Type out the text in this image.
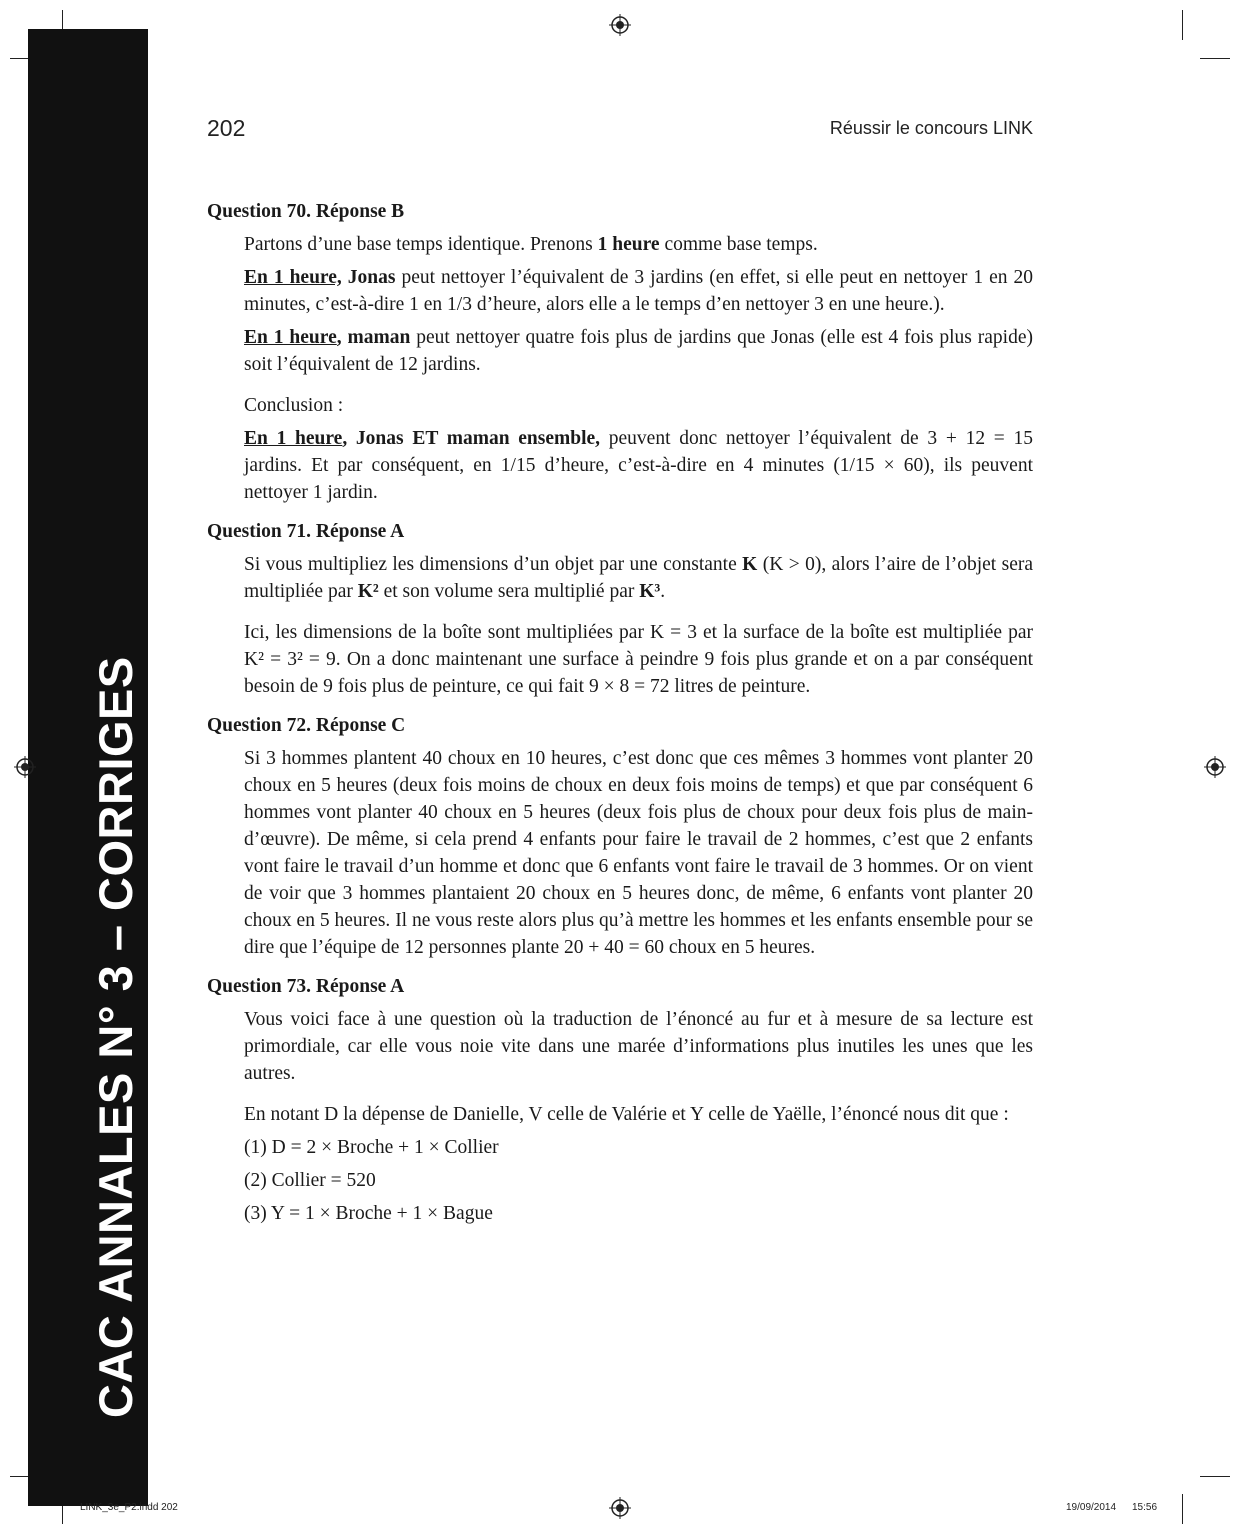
CAC ANNALES N° 3 – CORRIGES
202	Réussir le concours LINK
Question 70. Réponse B
Partons d’une base temps identique. Prenons 1 heure comme base temps.
En 1 heure, Jonas peut nettoyer l’équivalent de 3 jardins (en effet, si elle peut en nettoyer 1 en 20 minutes, c’est-à-dire 1 en 1/3 d’heure, alors elle a le temps d’en nettoyer 3 en une heure.).
En 1 heure, maman peut nettoyer quatre fois plus de jardins que Jonas (elle est 4 fois plus rapide) soit l’équivalent de 12 jardins.
Conclusion :
En 1 heure, Jonas ET maman ensemble, peuvent donc nettoyer l’équivalent de 3 + 12 = 15 jardins. Et par conséquent, en 1/15 d’heure, c’est-à-dire en 4 minutes (1/15 × 60), ils peuvent nettoyer 1 jardin.
Question 71. Réponse A
Si vous multipliez les dimensions d’un objet par une constante K (K > 0), alors l’aire de l’objet sera multipliée par K² et son volume sera multiplié par K³.
Ici, les dimensions de la boîte sont multipliées par K = 3 et la surface de la boîte est multipliée par K² = 3² = 9. On a donc maintenant une surface à peindre 9 fois plus grande et on a par conséquent besoin de 9 fois plus de peinture, ce qui fait 9 × 8 = 72 litres de peinture.
Question 72. Réponse C
Si 3 hommes plantent 40 choux en 10 heures, c’est donc que ces mêmes 3 hommes vont planter 20 choux en 5 heures (deux fois moins de choux en deux fois moins de temps) et que par conséquent 6 hommes vont planter 40 choux en 5 heures (deux fois plus de choux pour deux fois plus de main-d’œuvre). De même, si cela prend 4 enfants pour faire le travail de 2 hommes, c’est que 2 enfants vont faire le travail d’un homme et donc que 6 enfants vont faire le travail de 3 hommes. Or on vient de voir que 3 hommes plantaient 20 choux en 5 heures donc, de même, 6 enfants vont planter 20 choux en 5 heures. Il ne vous reste alors plus qu’à mettre les hommes et les enfants ensemble pour se dire que l’équipe de 12 personnes plante 20 + 40 = 60 choux en 5 heures.
Question 73. Réponse A
Vous voici face à une question où la traduction de l’énoncé au fur et à mesure de sa lecture est primordiale, car elle vous noie vite dans une marée d’informations plus inutiles les unes que les autres.
En notant D la dépense de Danielle, V celle de Valérie et Y celle de Yaëlle, l’énoncé nous dit que :
(1) D = 2 × Broche + 1 × Collier
(2) Collier = 520
(3) Y = 1 × Broche + 1 × Bague
LINK_3e_P2.indd 202	19/09/2014 15:56
